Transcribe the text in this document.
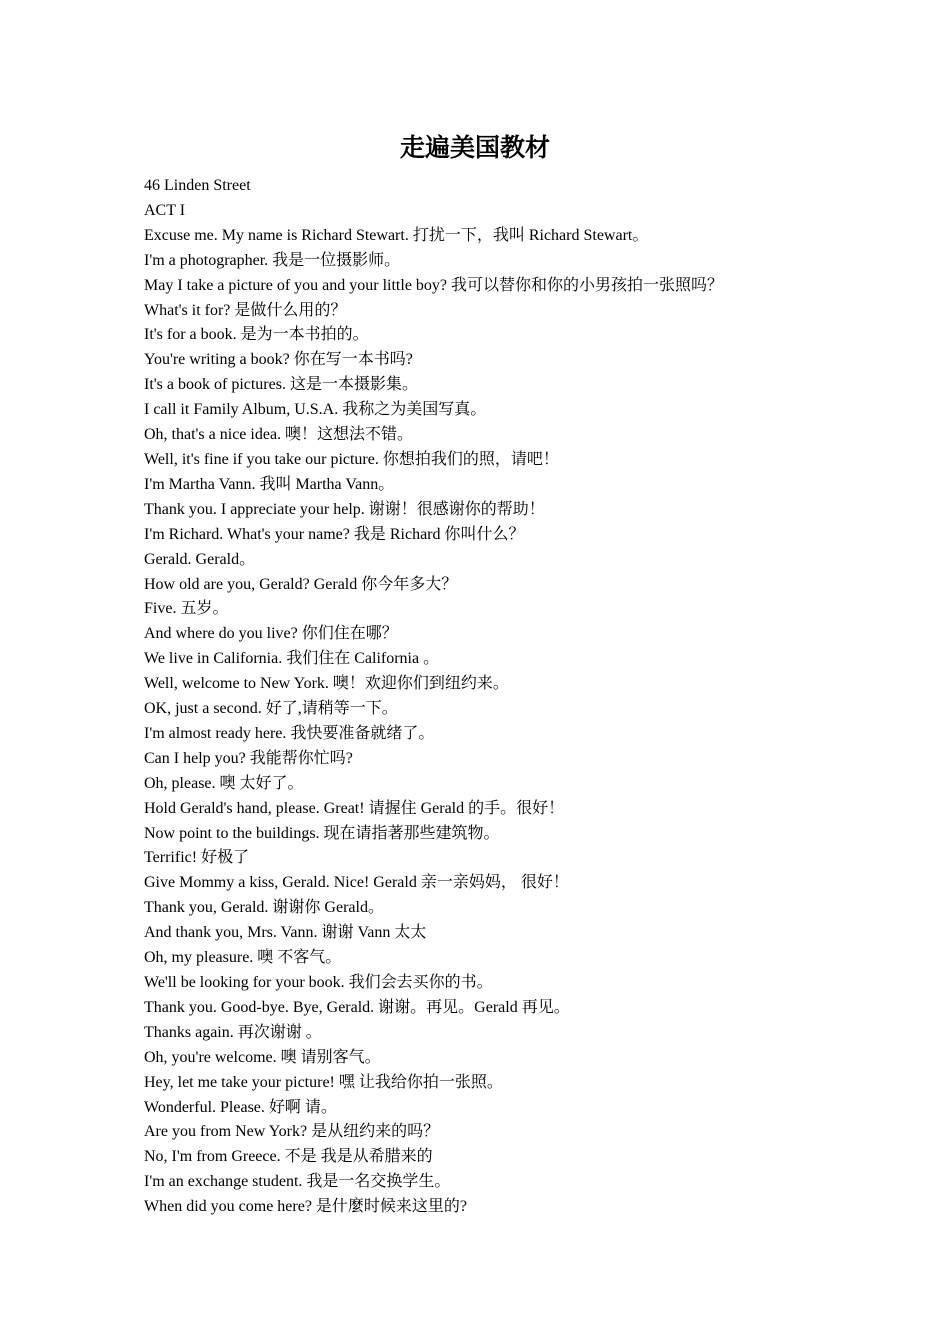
走遍美国教材

46 Linden Street

ACT I

Excuse me. My name is Richard Stewart. 打扰一下，我叫 Richard Stewart。

I'm a photographer. 我是一位摄影师。

May I take a picture of you and your little boy? 我可以替你和你的小男孩拍一张照吗？

What's it for? 是做什么用的？

It's for a book. 是为一本书拍的。

You're writing a book? 你在写一本书吗?

It's a book of pictures. 这是一本摄影集。

I call it Family Album, U.S.A. 我称之为美国写真。

Oh, that's a nice idea. 噢！这想法不错。

Well, it's fine if you take our picture. 你想拍我们的照，请吧！

I'm Martha Vann. 我叫 Martha Vann。

Thank you. I appreciate your help. 谢谢！很感谢你的帮助！

I'm Richard. What's your name? 我是 Richard 你叫什么？

Gerald. Gerald。

How old are you, Gerald? Gerald 你今年多大？

Five. 五岁。

And where do you live? 你们住在哪？

We live in California. 我们住在 California 。

Well, welcome to New York. 噢！欢迎你们到纽约来。

OK, just a second. 好了,请稍等一下。

I'm almost ready here. 我快要准备就绪了。

Can I help you? 我能帮你忙吗?

Oh, please. 噢 太好了。

Hold Gerald's hand, please. Great! 请握住 Gerald 的手。很好！

Now point to the buildings. 现在请指著那些建筑物。

Terrific! 好极了

Give Mommy a kiss, Gerald. Nice! Gerald 亲一亲妈妈， 很好！

Thank you, Gerald. 谢谢你 Gerald。

And thank you, Mrs. Vann. 谢谢 Vann 太太

Oh, my pleasure. 噢 不客气。

We'll be looking for your book. 我们会去买你的书。

Thank you. Good-bye. Bye, Gerald. 谢谢。再见。Gerald 再见。

Thanks again. 再次谢谢 。

Oh, you're welcome. 噢 请别客气。

Hey, let me take your picture! 嘿 让我给你拍一张照。

Wonderful. Please. 好啊 请。

Are you from New York? 是从纽约来的吗？

No, I'm from Greece. 不是 我是从希腊来的

I'm an exchange student. 我是一名交换学生。

When did you come here? 是什麼时候来这里的?
